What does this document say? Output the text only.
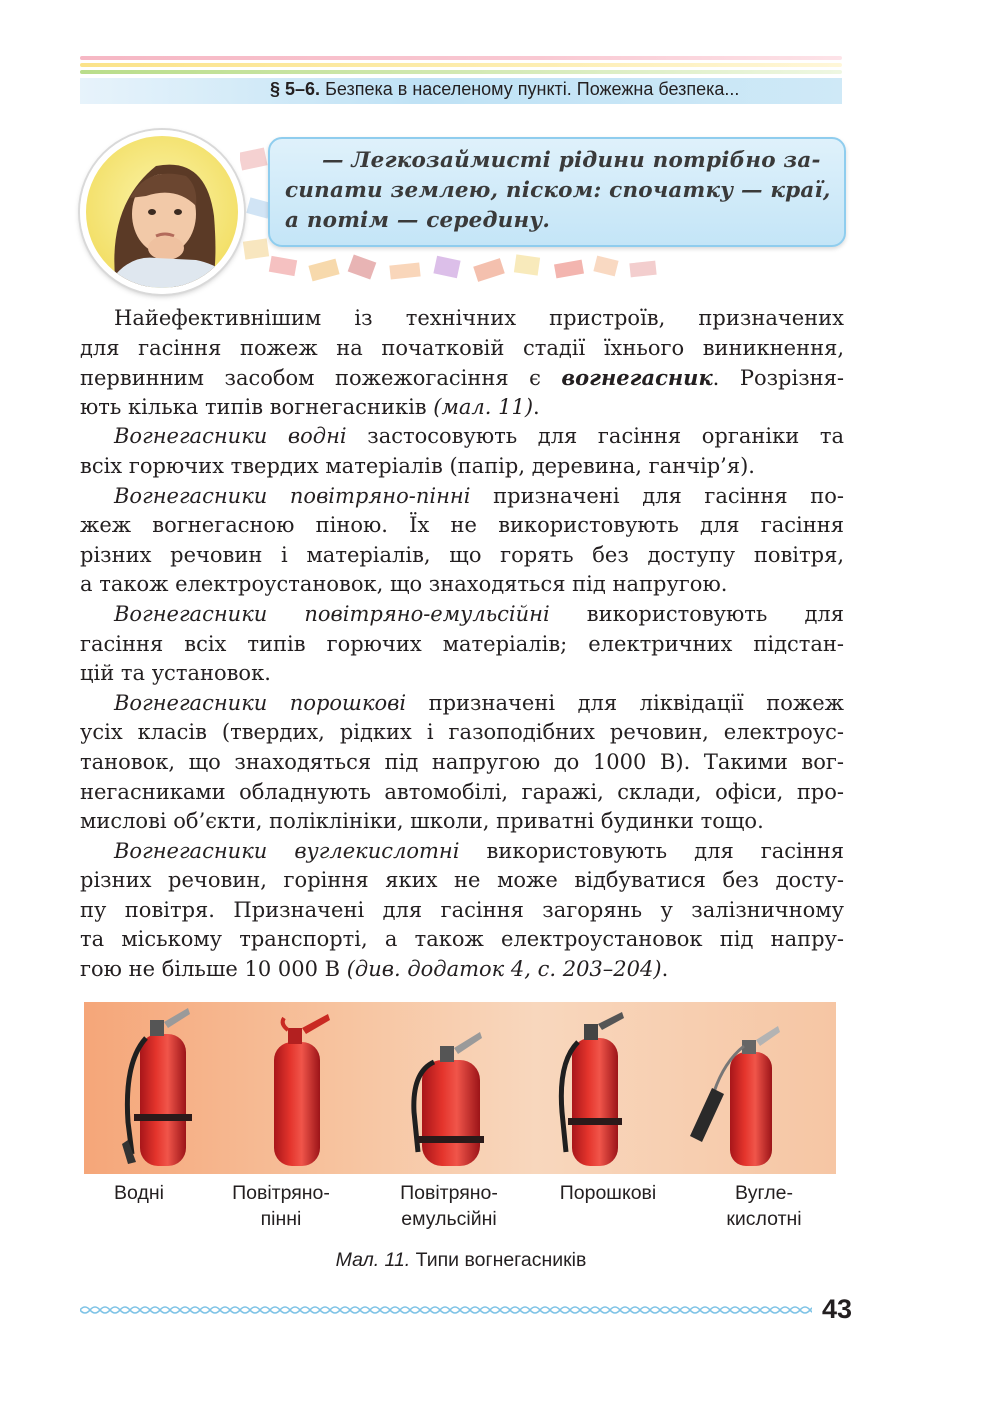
§ 5–6. Безпека в населеному пункті. Пожежна безпека...
— Легкозаймисті рідини потрібно за-
сипати землею, піском: спочатку — краї,
а потім — середину.
Найефективнішим із технічних пристроїв, призначених
для гасіння пожеж на початковій стадії їхнього виникнення,
первинним засобом пожежогасіння є вогнегасник. Розрізня-
ють кілька типів вогнегасників (мал. 11).
Вогнегасники водні застосовують для гасіння органіки та
всіх горючих твердих матеріалів (папір, деревина, ганчір’я).
Вогнегасники повітряно-пінні призначені для гасіння по-
жеж вогнегасною піною. Їх не використовують для гасіння
різних речовин і матеріалів, що горять без доступу повітря,
а також електроустановок, що знаходяться під напругою.
Вогнегасники повітряно-емульсійні використовують для
гасіння всіх типів горючих матеріалів; електричних підстан-
цій та установок.
Вогнегасники порошкові призначені для ліквідації пожеж
усіх класів (твердих, рідких і газоподібних речовин, електроус-
тановок, що знаходяться під напругою до 1000 В). Такими вог-
негасниками обладнують автомобілі, гаражі, склади, офіси, про-
мислові об’єкти, поліклініки, школи, приватні будинки тощо.
Вогнегасники вуглекислотні використовують для гасіння
різних речовин, горіння яких не може відбуватися без досту-
пу повітря. Призначені для гасіння загорянь у залізничному
та міському транспорті, а також електроустановок під напру-
гою не більше 10 000 В (див. додаток 4, с. 203–204).
Водні	Повітряно-
пінні
Повітряно-
емульсійні
Порошкові	Вугле-
кислотні
Мал. 11. Типи вогнегасників
43
